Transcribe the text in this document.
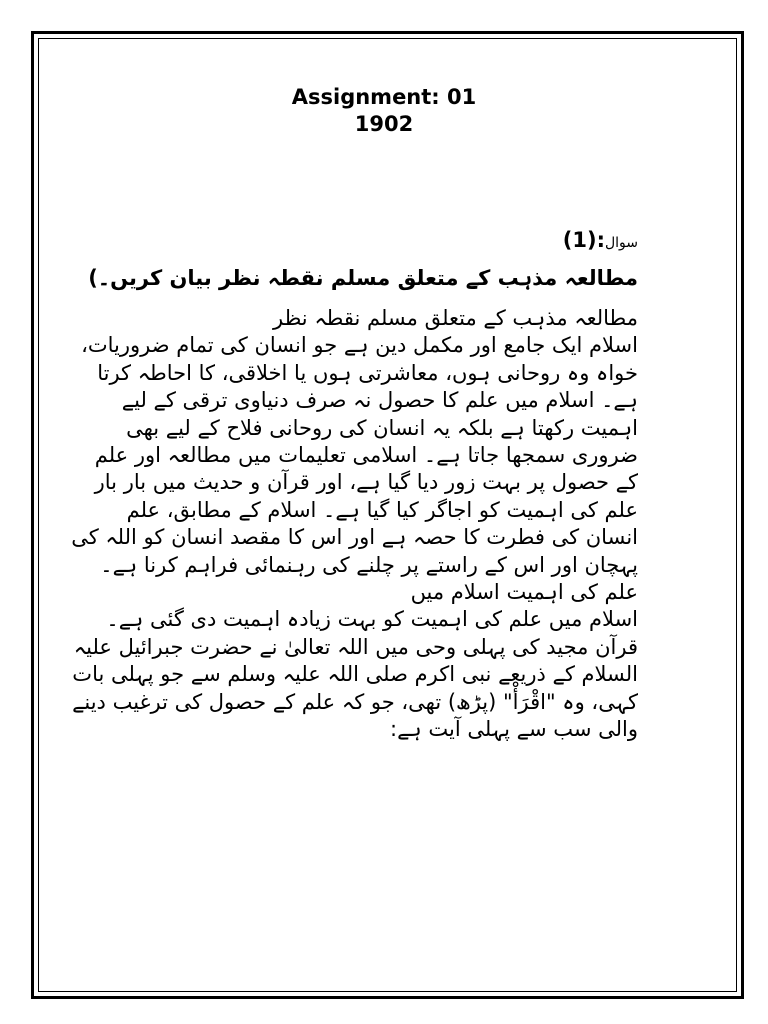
Assignment: 01
1902
سوال:(1)
مطالعہ مذہب کے متعلق مسلم نقطہ نظر بیان کریں۔)

مطالعہ مذہب کے متعلق مسلم نقطہ نظر

اسلام ایک جامع اور مکمل دین ہے جو انسان کی تمام ضروریات، خواہ وہ روحانی ہوں، معاشرتی ہوں یا اخلاقی، کا احاطہ کرتا ہے۔ اسلام میں علم کا حصول نہ صرف دنیاوی ترقی کے لیے اہمیت رکھتا ہے بلکہ یہ انسان کی روحانی فلاح کے لیے بھی ضروری سمجھا جاتا ہے۔ اسلامی تعلیمات میں مطالعہ اور علم کے حصول پر بہت زور دیا گیا ہے، اور قرآن و حدیث میں بار بار علم کی اہمیت کو اجاگر کیا گیا ہے۔ اسلام کے مطابق، علم انسان کی فطرت کا حصہ ہے اور اس کا مقصد انسان کو اللہ کی پہچان اور اس کے راستے پر چلنے کی رہنمائی فراہم کرنا ہے۔

علم کی اہمیت اسلام میں

اسلام میں علم کی اہمیت کو بہت زیادہ اہمیت دی گئی ہے۔ قرآن مجید کی پہلی وحی میں اللہ تعالیٰ نے حضرت جبرائیل علیہ السلام کے ذریعے نبی اکرم صلی اللہ علیہ وسلم سے جو پہلی بات کہی، وہ "اقْرَأْ" (پڑھ) تھی، جو کہ علم کے حصول کی ترغیب دینے والی سب سے پہلی آیت ہے:
